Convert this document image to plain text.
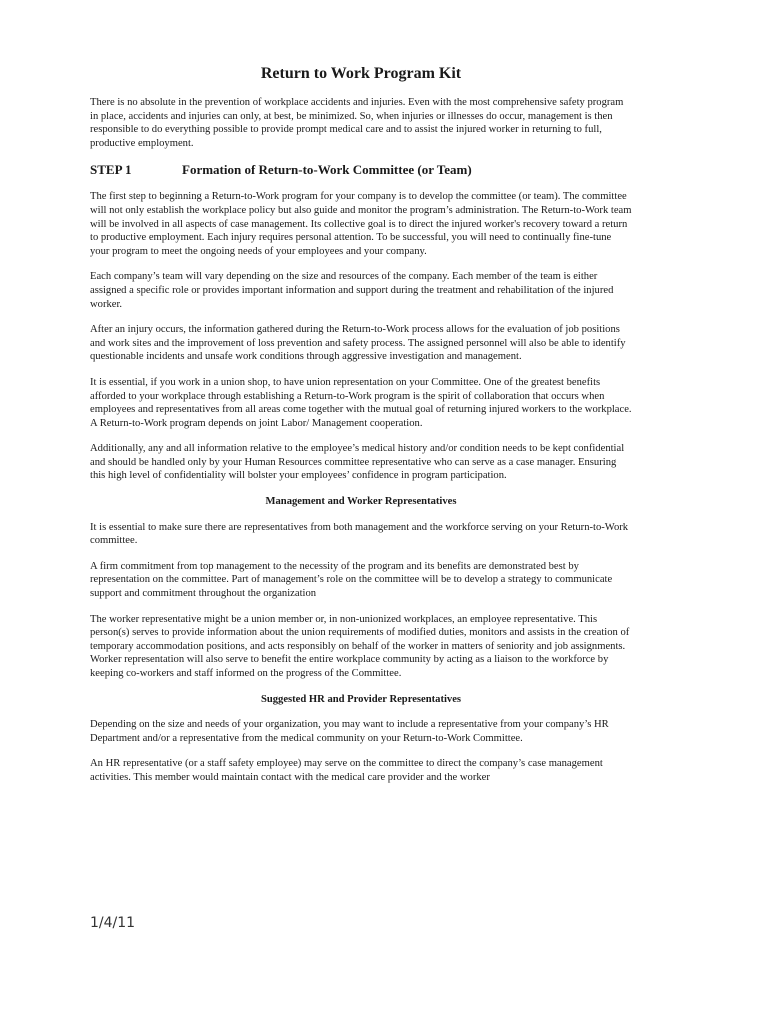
Return to Work Program Kit

There is no absolute in the prevention of workplace accidents and injuries. Even with the most comprehensive safety program in place, accidents and injuries can only, at best, be minimized. So, when injuries or illnesses do occur, management is then responsible to do everything possible to provide prompt medical care and to assist the injured worker in returning to full, productive employment.

STEP 1	Formation of Return-to-Work Committee (or Team)

The first step to beginning a Return-to-Work program for your company is to develop the committee (or team). The committee will not only establish the workplace policy but also guide and monitor the program’s administration. The Return-to-Work team will be involved in all aspects of case management. Its collective goal is to direct the injured worker's recovery toward a return to productive employment. Each injury requires personal attention. To be successful, you will need to continually fine-tune your program to meet the ongoing needs of your employees and your company.

Each company’s team will vary depending on the size and resources of the company. Each member of the team is either assigned a specific role or provides important information and support during the treatment and rehabilitation of the injured worker.

After an injury occurs, the information gathered during the Return-to-Work process allows for the evaluation of job positions and work sites and the improvement of loss prevention and safety process. The assigned personnel will also be able to identify questionable incidents and unsafe work conditions through aggressive investigation and management.

It is essential, if you work in a union shop, to have union representation on your Committee. One of the greatest benefits afforded to your workplace through establishing a Return-to-Work program is the spirit of collaboration that occurs when employees and representatives from all areas come together with the mutual goal of returning injured workers to the workplace. A Return-to-Work program depends on joint Labor/ Management cooperation.

Additionally, any and all information relative to the employee’s medical history and/or condition needs to be kept confidential and should be handled only by your Human Resources committee representative who can serve as a case manager. Ensuring this high level of confidentiality will bolster your employees’ confidence in program participation.

Management and Worker Representatives

It is essential to make sure there are representatives from both management and the workforce serving on your Return-to-Work committee.

A firm commitment from top management to the necessity of the program and its benefits are demonstrated best by representation on the committee. Part of management’s role on the committee will be to develop a strategy to communicate support and commitment throughout the organization

The worker representative might be a union member or, in non-unionized workplaces, an employee representative. This person(s) serves to provide information about the union requirements of modified duties, monitors and assists in the creation of temporary accommodation positions, and acts responsibly on behalf of the worker in matters of seniority and job assignments. Worker representation will also serve to benefit the entire workplace community by acting as a liaison to the workforce by keeping co-workers and staff informed on the progress of the Committee.

Suggested HR and Provider Representatives

Depending on the size and needs of your organization, you may want to include a representative from your company’s HR Department and/or a representative from the medical community on your Return-to-Work Committee.

An HR representative (or a staff safety employee) may serve on the committee to direct the company’s case management activities. This member would maintain contact with the medical care provider and the worker

1/4/11
